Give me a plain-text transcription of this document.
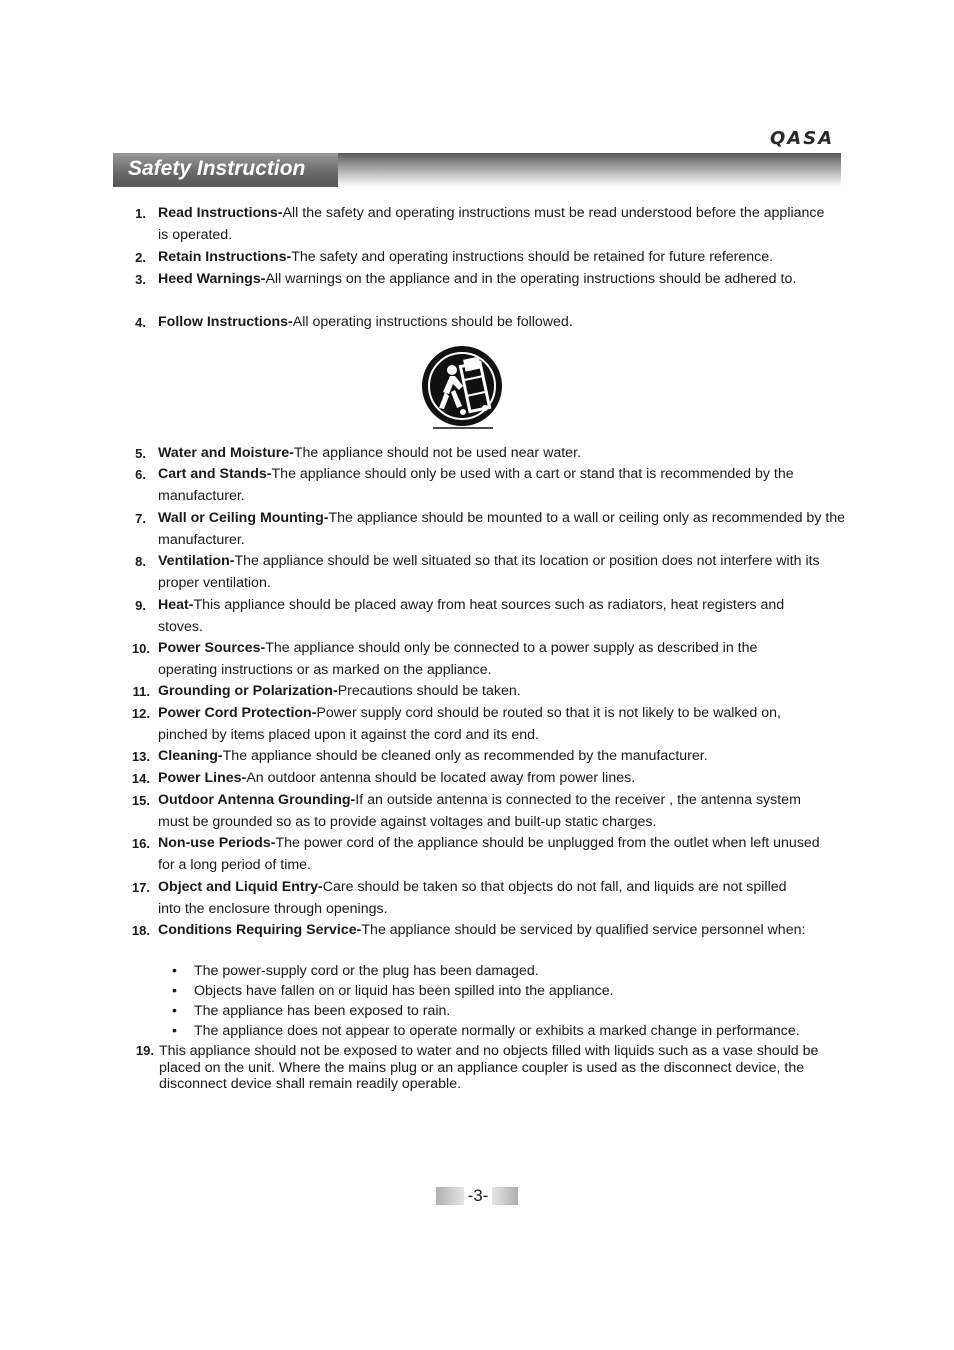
QASA
Safety Instruction
1. Read Instructions-All the safety and operating instructions must be read understood before the appliance is operated.
2. Retain Instructions-The safety and operating instructions should be retained for future reference.
3. Heed Warnings-All warnings on the appliance and in the operating instructions should be adhered to.
4. Follow Instructions-All operating instructions should be followed.
5. Water and Moisture-The appliance should not be used near water.
6. Cart and Stands-The appliance should only be used with a cart or stand that is recommended by the manufacturer.
7. Wall or Ceiling Mounting-The appliance should be mounted to a wall or ceiling only as recommended by the manufacturer.
8. Ventilation-The appliance should be well situated so that its location or position does not interfere with its proper ventilation.
9. Heat-This appliance should be placed away from heat sources such as radiators, heat registers and stoves.
10. Power Sources-The appliance should only be connected to a power supply as described in the operating instructions or as marked on the appliance.
11. Grounding or Polarization-Precautions should be taken.
12. Power Cord Protection-Power supply cord should be routed so that it is not likely to be walked on, pinched by items placed upon it against the cord and its end.
13. Cleaning-The appliance should be cleaned only as recommended by the manufacturer.
14. Power Lines-An outdoor antenna should be located away from power lines.
15. Outdoor Antenna Grounding-If an outside antenna is connected to the receiver , the antenna system must be grounded so as to provide against voltages and built-up static charges.
16. Non-use Periods-The power cord of the appliance should be unplugged from the outlet when left unused for a long period of time.
17. Object and Liquid Entry-Care should be taken so that objects do not fall, and liquids are not spilled into the enclosure through openings.
18. Conditions Requiring Service-The appliance should be serviced by qualified service personnel when:
• The power-supply cord or the plug has been damaged.
• Objects have fallen on or liquid has been spilled into the appliance.
• The appliance has been exposed to rain.
• The appliance does not appear to operate normally or exhibits a marked change in performance.
19. This appliance should not be exposed to water and no objects filled with liquids such as a vase should be placed on the unit. Where the mains plug or an appliance coupler is used as the disconnect device, the disconnect device shall remain readily operable.
-3-
